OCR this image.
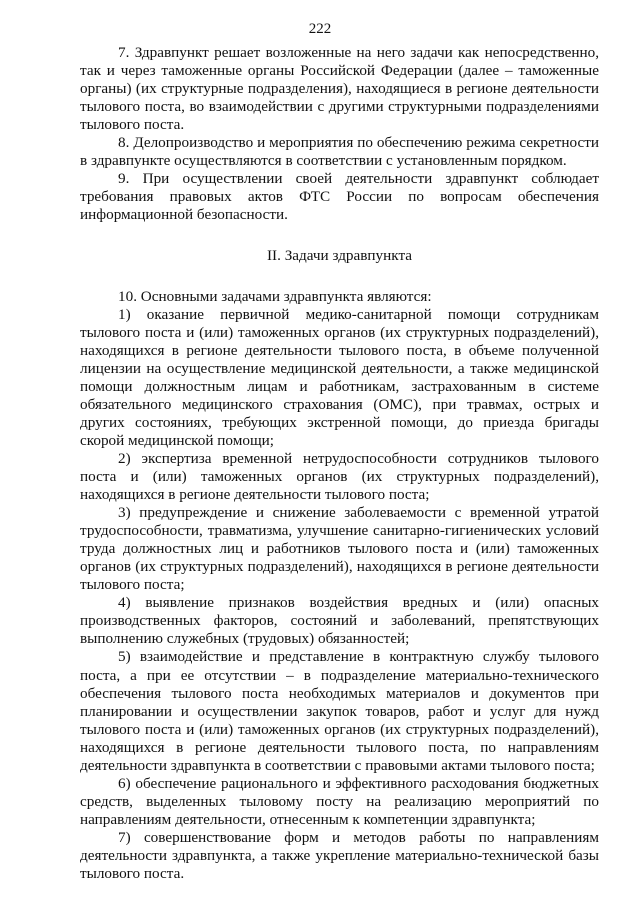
222

7. Здравпункт решает возложенные на него задачи как непосредственно, так и через таможенные органы Российской Федерации (далее – таможенные органы) (их структурные подразделения), находящиеся в регионе деятельности тылового поста, во взаимодействии с другими структурными подразделениями тылового поста.

8. Делопроизводство и мероприятия по обеспечению режима секретности в здравпункте осуществляются в соответствии с установленным порядком.

9. При осуществлении своей деятельности здравпункт соблюдает требования правовых актов ФТС России по вопросам обеспечения информационной безопасности.

II. Задачи здравпункта

10. Основными задачами здравпункта являются:

1) оказание первичной медико-санитарной помощи сотрудникам тылового поста и (или) таможенных органов (их структурных подразделений), находящихся в регионе деятельности тылового поста, в объеме полученной лицензии на осуществление медицинской деятельности, а также медицинской помощи должностным лицам и работникам, застрахованным в системе обязательного медицинского страхования (ОМС), при травмах, острых и других состояниях, требующих экстренной помощи, до приезда бригады скорой медицинской помощи;

2) экспертиза временной нетрудоспособности сотрудников тылового поста и (или) таможенных органов (их структурных подразделений), находящихся в регионе деятельности тылового поста;

3) предупреждение и снижение заболеваемости с временной утратой трудоспособности, травматизма, улучшение санитарно-гигиенических условий труда должностных лиц и работников тылового поста и (или) таможенных органов (их структурных подразделений), находящихся в регионе деятельности тылового поста;

4) выявление признаков воздействия вредных и (или) опасных производственных факторов, состояний и заболеваний, препятствующих выполнению служебных (трудовых) обязанностей;

5) взаимодействие и представление в контрактную службу тылового поста, а при ее отсутствии – в подразделение материально-технического обеспечения тылового поста необходимых материалов и документов при планировании и осуществлении закупок товаров, работ и услуг для нужд тылового поста и (или) таможенных органов (их структурных подразделений), находящихся в регионе деятельности тылового поста, по направлениям деятельности здравпункта в соответствии с правовыми актами тылового поста;

6) обеспечение рационального и эффективного расходования бюджетных средств, выделенных тыловому посту на реализацию мероприятий по направлениям деятельности, отнесенным к компетенции здравпункта;

7) совершенствование форм и методов работы по направлениям деятельности здравпункта, а также укрепление материально-технической базы тылового поста.
